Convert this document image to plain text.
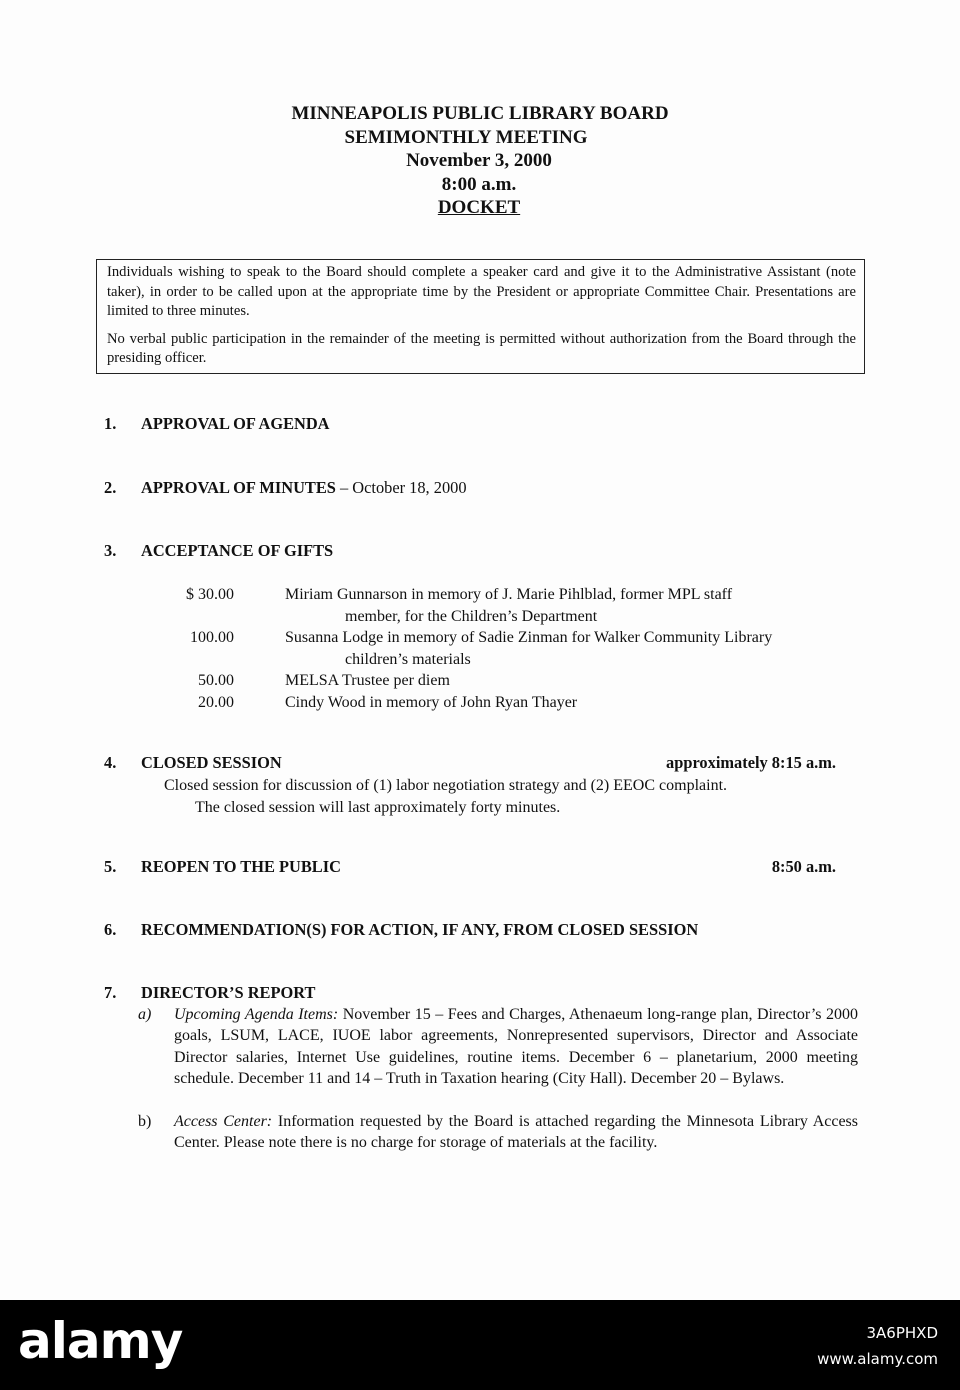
MINNEAPOLIS PUBLIC LIBRARY BOARD
SEMIMONTHLY MEETING
November 3, 2000
8:00 a.m.
DOCKET

Individuals wishing to speak to the Board should complete a speaker card and give it to the Administrative Assistant (note taker), in order to be called upon at the appropriate time by the President or appropriate Committee Chair. Presentations are limited to three minutes.

No verbal public participation in the remainder of the meeting is permitted without authorization from the Board through the presiding officer.

1. APPROVAL OF AGENDA
2. APPROVAL OF MINUTES – October 18, 2000
3. ACCEPTANCE OF GIFTS
$ 30.00	Miriam Gunnarson in memory of J. Marie Pihlblad, former MPL staff
member, for the Children’s Department
100.00	Susanna Lodge in memory of Sadie Zinman for Walker Community Library
children’s materials
50.00	MELSA Trustee per diem
20.00	Cindy Wood in memory of John Ryan Thayer
4. CLOSED SESSION	approximately 8:15 a.m.
Closed session for discussion of (1) labor negotiation strategy and (2) EEOC complaint.
The closed session will last approximately forty minutes.
5. REOPEN TO THE PUBLIC	8:50 a.m.
6. RECOMMENDATION(S) FOR ACTION, IF ANY, FROM CLOSED SESSION
7. DIRECTOR’S REPORT
a) Upcoming Agenda Items: November 15 – Fees and Charges, Athenaeum long-range plan, Director’s 2000 goals, LSUM, LACE, IUOE labor agreements, Nonrepresented supervisors, Director and Associate Director salaries, Internet Use guidelines, routine items. December 6 – planetarium, 2000 meeting schedule. December 11 and 14 – Truth in Taxation hearing (City Hall). December 20 – Bylaws.
b) Access Center: Information requested by the Board is attached regarding the Minnesota Library Access Center. Please note there is no charge for storage of materials at the facility.
alamy	3A6PHXD
www.alamy.com
